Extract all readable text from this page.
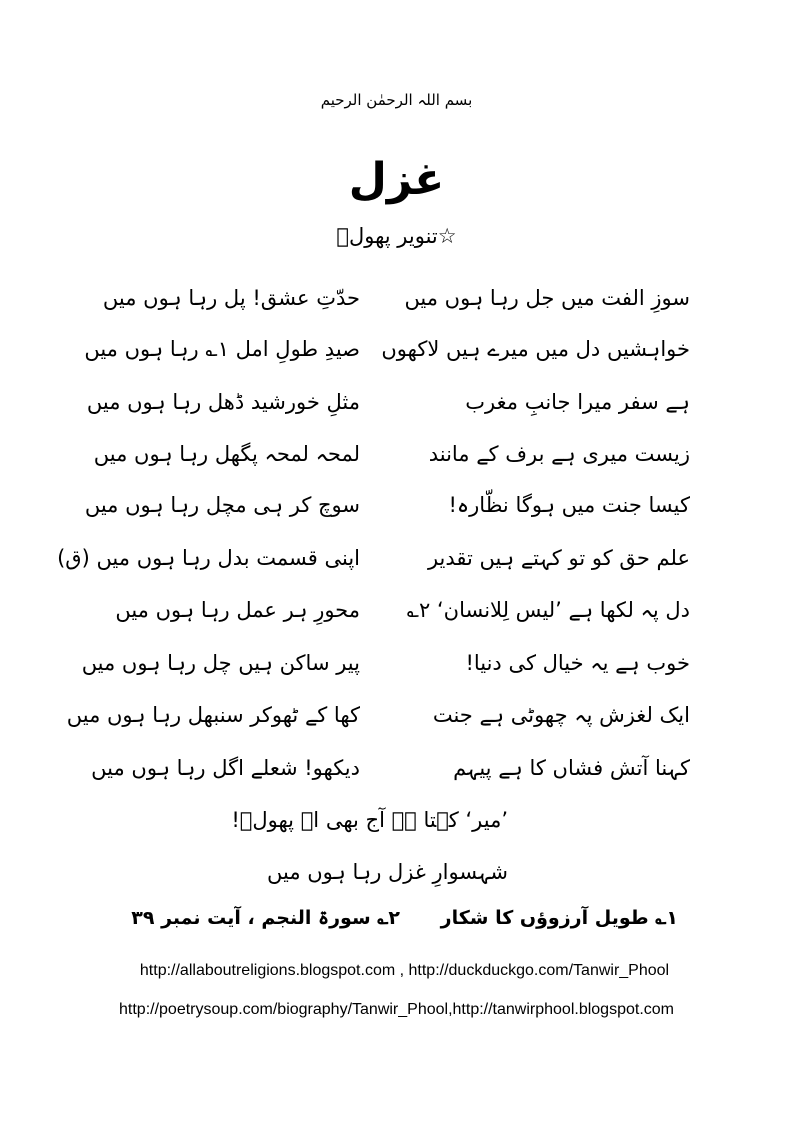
بسم اللہ الرحمٰن الرحیم
غزل
☆تنویر پھولؔ
سوزِ الفت میں جل رہا ہوں میں
حدّتِ عشق! پل رہا ہوں میں
خواہشیں دل میں میرے ہیں لاکھوں
صیدِ طولِ امل ۱؎ رہا ہوں میں
ہے سفر میرا جانبِ مغرب
مثلِ خورشید ڈھل رہا ہوں میں
زیست میری ہے برف کے مانند
لمحہ لمحہ پگھل رہا ہوں میں
کیسا جنت میں ہوگا نظّارہ!
سوچ کر ہی مچل رہا ہوں میں
علم حق کو تو کہتے ہیں تقدیر
اپنی قسمت بدل رہا ہوں میں (ق)
دل پہ لکھا ہے ’لیس لِلانسان‘ ۲؎
محورِ ہر عمل رہا ہوں میں
خوب ہے یہ خیال کی دنیا!
پیر ساکن ہیں چل رہا ہوں میں
ایک لغزش پہ چھوٹی ہے جنت
کھا کے ٹھوکر سنبھل رہا ہوں میں
کہنا آتش فشاں کا ہے پیہم
دیکھو! شعلے اگل رہا ہوں میں
’میر‘ کہتا ہے آج بھی اے پھولؔ!
شہسوارِ غزل رہا ہوں میں
۱؎ طویل آرزوؤں کا شکار
۲؎ سورۃ النجم ، آیت نمبر ۳۹
http://allaboutreligions.blogspot.com , http://duckduckgo.com/Tanwir_Phool
http://poetrysoup.com/biography/Tanwir_Phool,http://tanwirphool.blogspot.com
